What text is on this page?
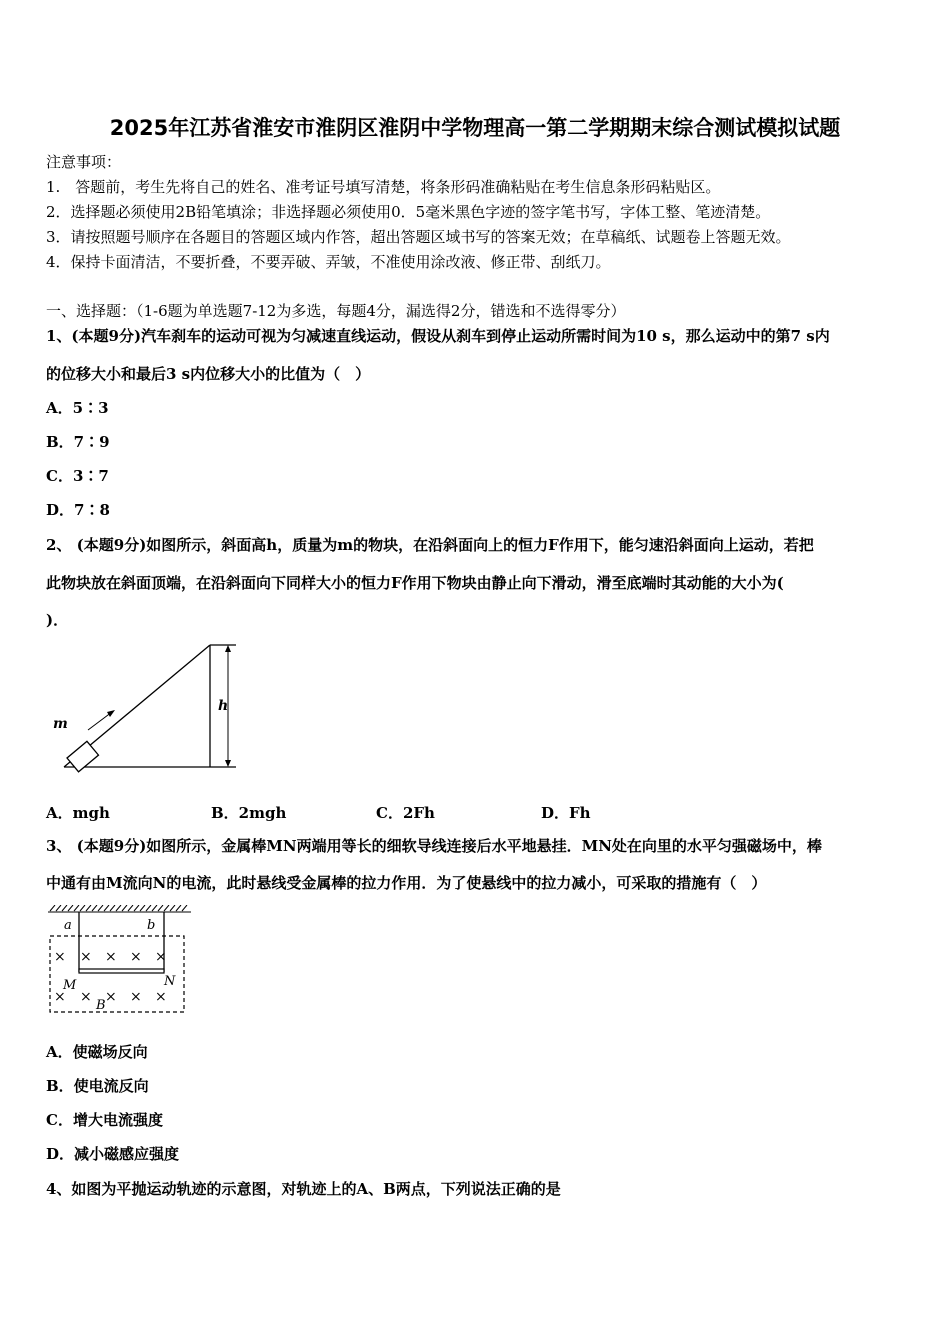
2025年江苏省淮安市淮阴区淮阴中学物理高一第二学期期末综合测试模拟试题
注意事项：
1.　答题前，考生先将自己的姓名、准考证号填写清楚，将条形码准确粘贴在考生信息条形码粘贴区。
2．选择题必须使用2B铅笔填涂；非选择题必须使用0．5毫米黑色字迹的签字笔书写，字体工整、笔迹清楚。
3．请按照题号顺序在各题目的答题区域内作答，超出答题区域书写的答案无效；在草稿纸、试题卷上答题无效。
4．保持卡面清洁，不要折叠，不要弄破、弄皱，不准使用涂改液、修正带、刮纸刀。
一、选择题：（1-6题为单选题7-12为多选，每题4分，漏选得2分，错选和不选得零分）
1、(本题9分)汽车刹车的运动可视为匀减速直线运动，假设从刹车到停止运动所需时间为10 s，那么运动中的第7 s内
的位移大小和最后3 s内位移大小的比值为（　）
A．5∶3
B．7∶9
C．3∶7
D．7∶8
2、 (本题9分)如图所示，斜面高h，质量为m的物块，在沿斜面向上的恒力F作用下，能匀速沿斜面向上运动，若把
此物块放在斜面顶端，在沿斜面向下同样大小的恒力F作用下物块由静止向下滑动，滑至底端时其动能的大小为(
)．
m
h
A．mgh	B．2mgh	C．2Fh	D．Fh
3、 (本题9分)如图所示，金属棒MN两端用等长的细软导线连接后水平地悬挂．MN处在向里的水平匀强磁场中，棒
中通有由M流向N的电流，此时悬线受金属棒的拉力作用．为了使悬线中的拉力减小，可采取的措施有（　）
a	b
× × × × ×
× × × × ×
M	N
B
A．使磁场反向
B．使电流反向
C．增大电流强度
D．减小磁感应强度
4、如图为平抛运动轨迹的示意图，对轨迹上的A、B两点，下列说法正确的是
